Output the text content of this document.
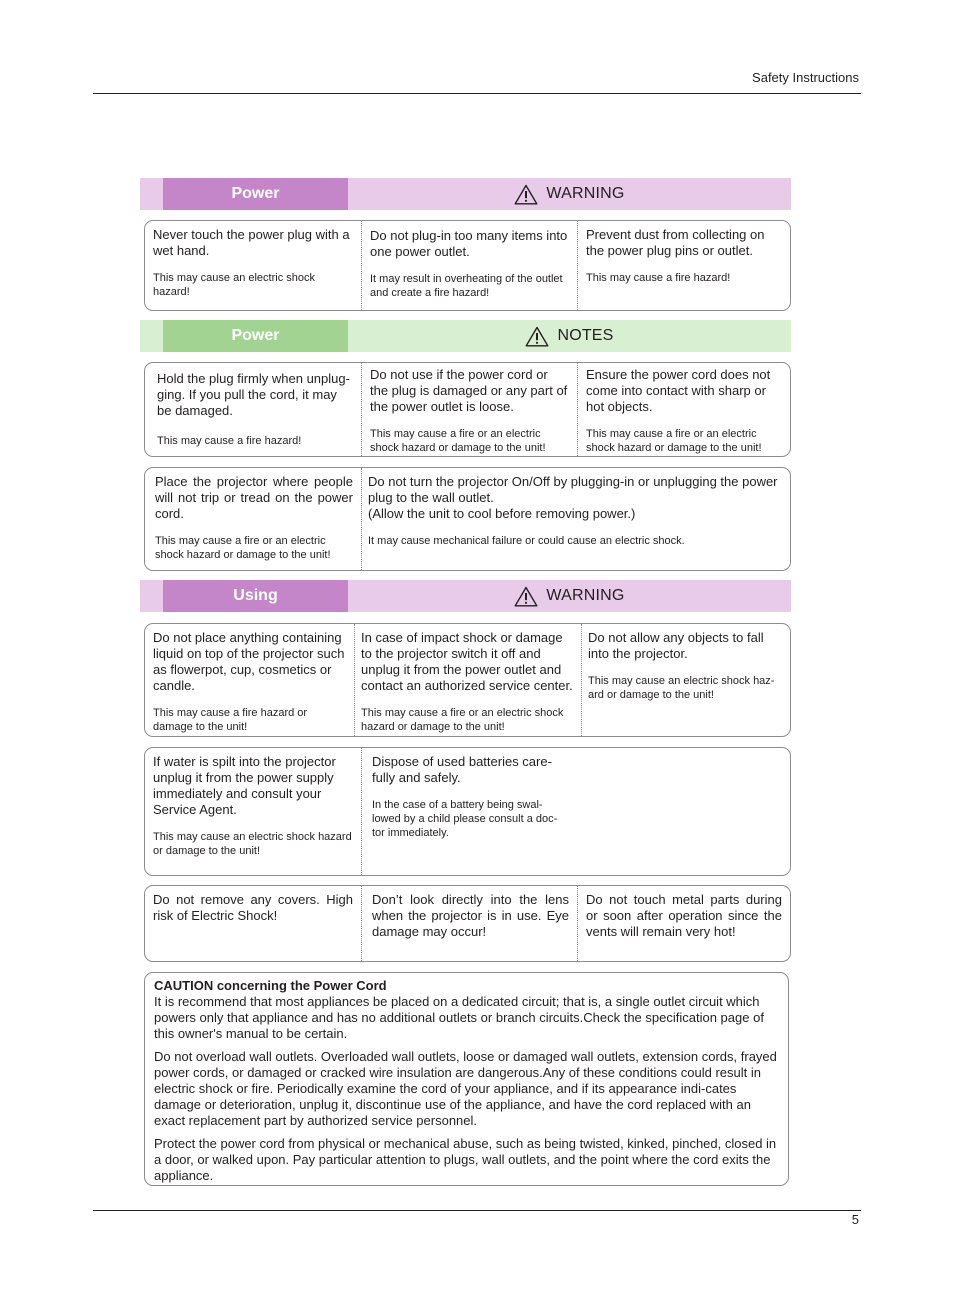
Safety Instructions
Power	WARNING
Never touch the power plug with a wet hand.
This may cause an electric shock hazard!
Do not plug-in too many items into one power outlet.
It may result in overheating of the outlet and create a fire hazard!
Prevent dust from collecting on the power plug pins or outlet.
This may cause a fire hazard!
Power	NOTES
Hold the plug firmly when unplug-ging. If you pull the cord, it may be damaged.
This may cause a fire hazard!
Do not use if the power cord or the plug is damaged or any part of the power outlet is loose.
This may cause a fire or an electric shock hazard or damage to the unit!
Ensure the power cord does not come into contact with sharp or hot objects.
This may cause a fire or an electric shock hazard or damage to the unit!
Place the projector where people will not trip or tread on the power cord.
This may cause a fire or an electric shock hazard or damage to the unit!
Do not turn the projector On/Off by plugging-in or unplugging the power plug to the wall outlet.
(Allow the unit to cool before removing power.)
It may cause mechanical failure or could cause an electric shock.
Using	WARNING
Do not place anything containing liquid on top of the projector such as flowerpot, cup, cosmetics or candle.
This may cause a fire hazard or damage to the unit!
In case of impact shock or damage to the projector switch it off and unplug it from the power outlet and contact an authorized service center.
This may cause a fire or an electric shock hazard or damage to the unit!
Do not allow any objects to fall into the projector.
This may cause an electric shock haz-ard or damage to the unit!
If water is spilt into the projector unplug it from the power supply immediately and consult your Service Agent.
This may cause an electric shock hazard or damage to the unit!
Dispose of used batteries care-fully and safely.
In the case of a battery being swal-lowed by a child please consult a doc-tor immediately.
Do not remove any covers. High risk of Electric Shock!
Don’t look directly into the lens when the projector is in use. Eye damage may occur!
Do not touch metal parts during or soon after operation since the vents will remain very hot!
CAUTION concerning the Power Cord

It is recommend that most appliances be placed on a dedicated circuit; that is, a single outlet circuit which powers only that appliance and has no additional outlets or branch circuits.Check the specification page of this owner's manual to be certain.

Do not overload wall outlets. Overloaded wall outlets, loose or damaged wall outlets, extension cords, frayed power cords, or damaged or cracked wire insulation are dangerous.Any of these conditions could result in electric shock or fire. Periodically examine the cord of your appliance, and if its appearance indi-cates damage or deterioration, unplug it, discontinue use of the appliance, and have the cord replaced with an exact replacement part by authorized service personnel.

Protect the power cord from physical or mechanical abuse, such as being twisted, kinked, pinched, closed in a door, or walked upon. Pay particular attention to plugs, wall outlets, and the point where the cord exits the appliance.

5
